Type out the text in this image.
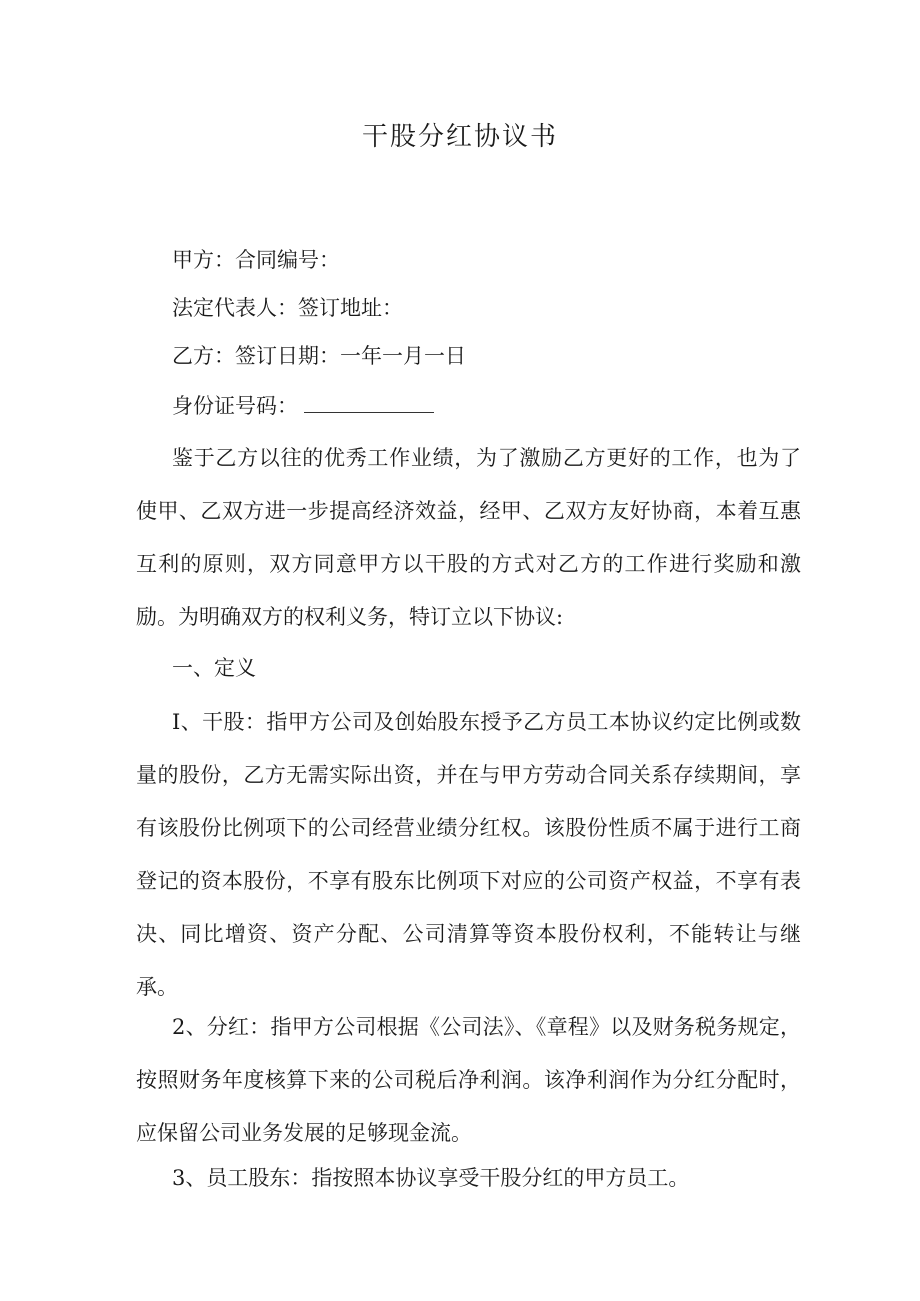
干股分红协议书
甲方：合同编号：
法定代表人：签订地址：
乙方：签订日期：一年一月一日
身份证号码：
鉴于乙方以往的优秀工作业绩，为了激励乙方更好的工作，也为了使甲、乙双方进一步提高经济效益，经甲、乙双方友好协商，本着互惠互利的原则，双方同意甲方以干股的方式对乙方的工作进行奖励和激励。为明确双方的权利义务，特订立以下协议:
一、定义
I、干股：指甲方公司及创始股东授予乙方员工本协议约定比例或数量的股份，乙方无需实际出资，并在与甲方劳动合同关系存续期间，享有该股份比例项下的公司经营业绩分红权。该股份性质不属于进行工商登记的资本股份，不享有股东比例项下对应的公司资产权益，不享有表决、同比增资、资产分配、公司清算等资本股份权利，不能转让与继承。
2、分红：指甲方公司根据《公司法》、《章程》以及财务税务规定，按照财务年度核算下来的公司税后净利润。该净利润作为分红分配时，应保留公司业务发展的足够现金流。
3、员工股东：指按照本协议享受干股分红的甲方员工。
